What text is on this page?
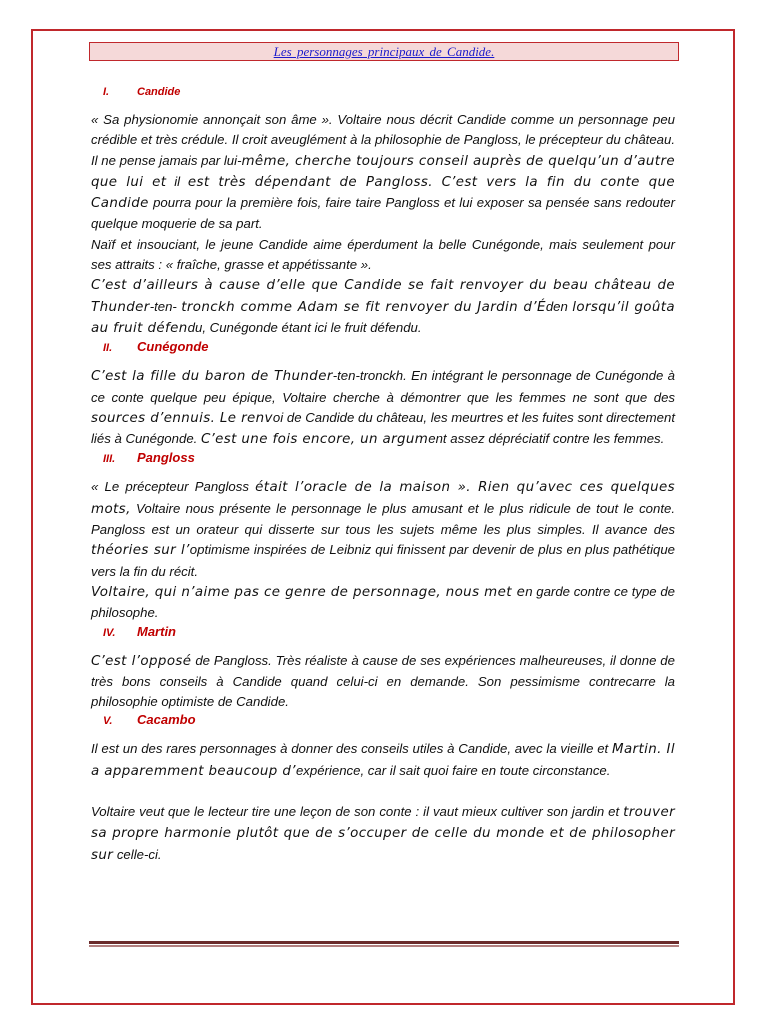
Les personnages principaux de Candide.
I.	Candide

« Sa physionomie annonçait son âme ». Voltaire nous décrit Candide comme un personnage peu crédible et très crédule. Il croit aveuglément à la philosophie de Pangloss, le précepteur du château. Il ne pense jamais par lui-même, cherche toujours conseil auprès de quelqu’un d’autre que lui et il est très dépendant de Pangloss. C’est vers la fin du conte que Candide pourra pour la première fois, faire taire Pangloss et lui exposer sa pensée sans redouter quelque moquerie de sa part.

Naïf et insouciant, le jeune Candide aime éperdument la belle Cunégonde, mais seulement pour ses attraits : « fraîche, grasse et appétissante ».

C’est d’ailleurs à cause d’elle que Candide se fait renvoyer du beau château de Thunder-ten- tronckh comme Adam se fit renvoyer du Jardin d’Éden lorsqu’il goûta au fruit défendu, Cunégonde étant ici le fruit défendu.

II.	Cunégonde

C’est la fille du baron de Thunder-ten-tronckh. En intégrant le personnage de Cunégonde à ce conte quelque peu épique, Voltaire cherche à démontrer que les femmes ne sont que des sources d’ennuis. Le renvoi de Candide du château, les meurtres et les fuites sont directement liés à Cunégonde. C’est une fois encore, un argument assez dépréciatif contre les femmes.

III.	Pangloss

« Le précepteur Pangloss était l’oracle de la maison ». Rien qu’avec ces quelques mots, Voltaire nous présente le personnage le plus amusant et le plus ridicule de tout le conte. Pangloss est un orateur qui disserte sur tous les sujets même les plus simples. Il avance des théories sur l’optimisme inspirées de Leibniz qui finissent par devenir de plus en plus pathétique vers la fin du récit.

Voltaire, qui n’aime pas ce genre de personnage, nous met en garde contre ce type de philosophe.

IV.	Martin

C’est l’opposé de Pangloss. Très réaliste à cause de ses expériences malheureuses, il donne de très bons conseils à Candide quand celui-ci en demande. Son pessimisme contrecarre la philosophie optimiste de Candide.

V.	Cacambo

Il est un des rares personnages à donner des conseils utiles à Candide, avec la vieille et Martin. Il a apparemment beaucoup d’expérience, car il sait quoi faire en toute circonstance.

Voltaire veut que le lecteur tire une leçon de son conte : il vaut mieux cultiver son jardin et trouver sa propre harmonie plutôt que de s’occuper de celle du monde et de philosopher sur celle-ci.
